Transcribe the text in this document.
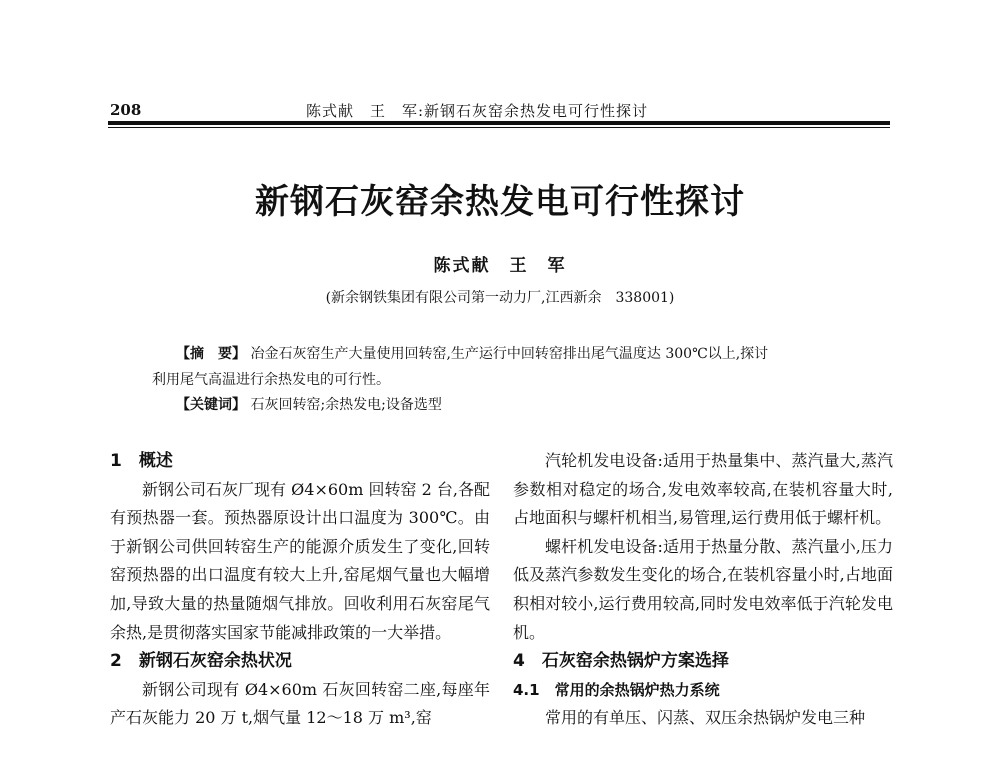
208	陈式献　王　军:新钢石灰窑余热发电可行性探讨
新钢石灰窑余热发电可行性探讨
陈式献　王　军
(新余钢铁集团有限公司第一动力厂,江西新余　338001)
【摘　要】 冶金石灰窑生产大量使用回转窑,生产运行中回转窑排出尾气温度达 300℃以上,探讨
利用尾气高温进行余热发电的可行性。
【关键词】 石灰回转窑;余热发电;设备选型

1　概述

新钢公司石灰厂现有 Ø4×60m 回转窑 2 台,各配有预热器一套。预热器原设计出口温度为 300℃。由于新钢公司供回转窑生产的能源介质发生了变化,回转窑预热器的出口温度有较大上升,窑尾烟气量也大幅增加,导致大量的热量随烟气排放。回收利用石灰窑尾气余热,是贯彻落实国家节能减排政策的一大举措。

2　新钢石灰窑余热状况

新钢公司现有 Ø4×60m 石灰回转窑二座,每座年产石灰能力 20 万 t,烟气量 12～18 万 m³,窑

汽轮机发电设备:适用于热量集中、蒸汽量大,蒸汽参数相对稳定的场合,发电效率较高,在装机容量大时,占地面积与螺杆机相当,易管理,运行费用低于螺杆机。

螺杆机发电设备:适用于热量分散、蒸汽量小,压力低及蒸汽参数发生变化的场合,在装机容量小时,占地面积相对较小,运行费用较高,同时发电效率低于汽轮发电机。

4　石灰窑余热锅炉方案选择

4.1　常用的余热锅炉热力系统

常用的有单压、闪蒸、双压余热锅炉发电三种
